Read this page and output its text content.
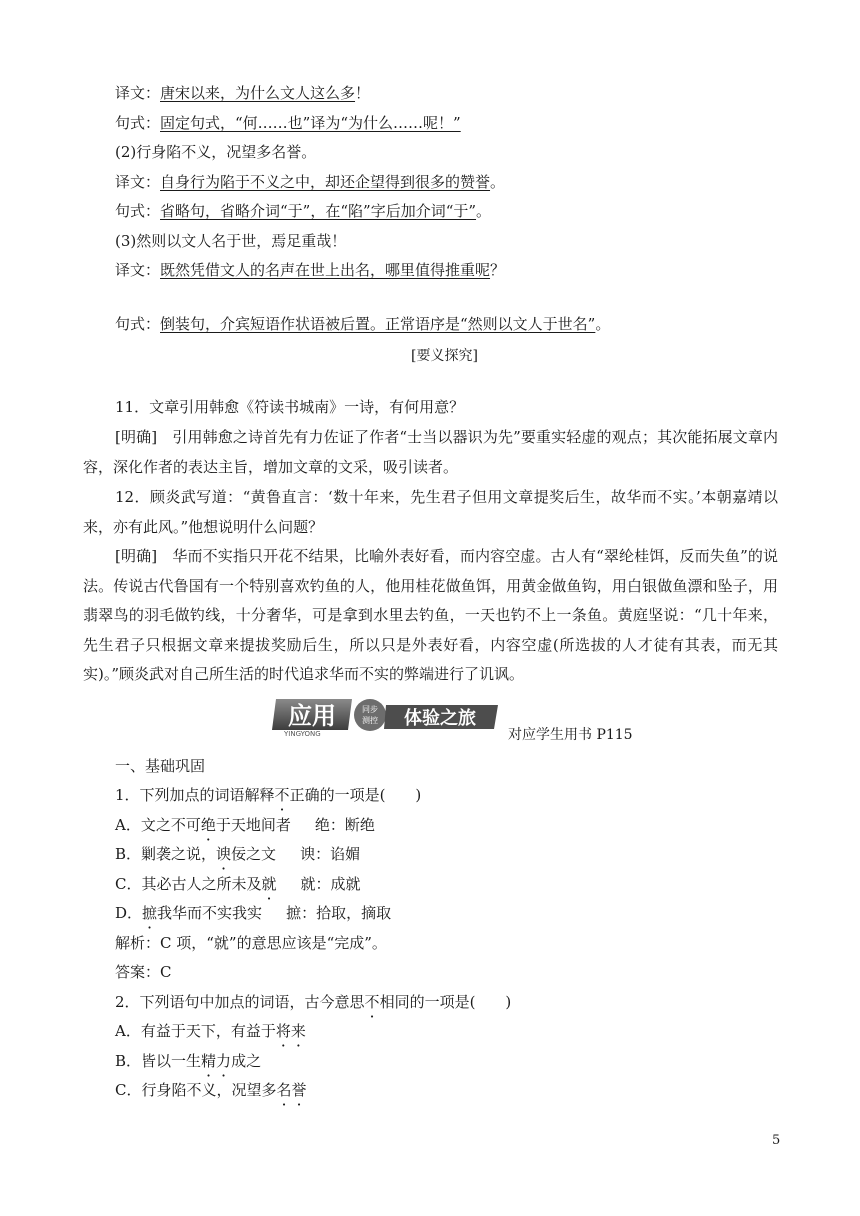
译文：唐宋以来，为什么文人这么多！
句式：固定句式，“何……也”译为“为什么……呢！”
(2)行身陷不义，况望多名誉。
译文：自身行为陷于不义之中，却还企望得到很多的赞誉。
句式：省略句，省略介词“于”，在“陷”字后加介词“于”。
(3)然则以文人名于世，焉足重哉！
译文：既然凭借文人的名声在世上出名，哪里值得推重呢？
句式：倒装句，介宾短语作状语被后置。正常语序是“然则以文人于世名”。
[要义探究]
11．文章引用韩愈《符读书城南》一诗，有何用意？
[明确]　引用韩愈之诗首先有力佐证了作者“士当以器识为先”要重实轻虚的观点；其次能拓展文章内容，深化作者的表达主旨，增加文章的文采，吸引读者。
12．顾炎武写道：“黄鲁直言：‘数十年来，先生君子但用文章提奖后生，故华而不实。’本朝嘉靖以来，亦有此风。”他想说明什么问题？
[明确]　华而不实指只开花不结果，比喻外表好看，而内容空虚。古人有“翠纶桂饵，反而失鱼”的说法。传说古代鲁国有一个特别喜欢钓鱼的人，他用桂花做鱼饵，用黄金做鱼钩，用白银做鱼漂和坠子，用翡翠鸟的羽毛做钓线，十分奢华，可是拿到水里去钓鱼，一天也钓不上一条鱼。黄庭坚说：“几十年来，先生君子只根据文章来提拔奖励后生，所以只是外表好看，内容空虚(所选拔的人才徒有其表，而无其实)。”顾炎武对自己所生活的时代追求华而不实的弊端进行了讥讽。
应用
YINGYONG
同步
测控 体验之旅
对应学生用书 P115
一、基础巩固
1．下列加点的词语解释不正确的一项是(　　)
A．文之不可绝于天地间者 绝：断绝
B．剿袭之说，谀佞之文 谀：谄媚
C．其必古人之所未及就 就：成就
D．摭我华而不实我实 摭：拾取，摘取
解析：C 项，“就”的意思应该是“完成”。
答案：C
2．下列语句中加点的词语，古今意思不相同的一项是(　　)
A．有益于天下，有益于将来
B．皆以一生精力成之
C．行身陷不义，况望多名誉
5
